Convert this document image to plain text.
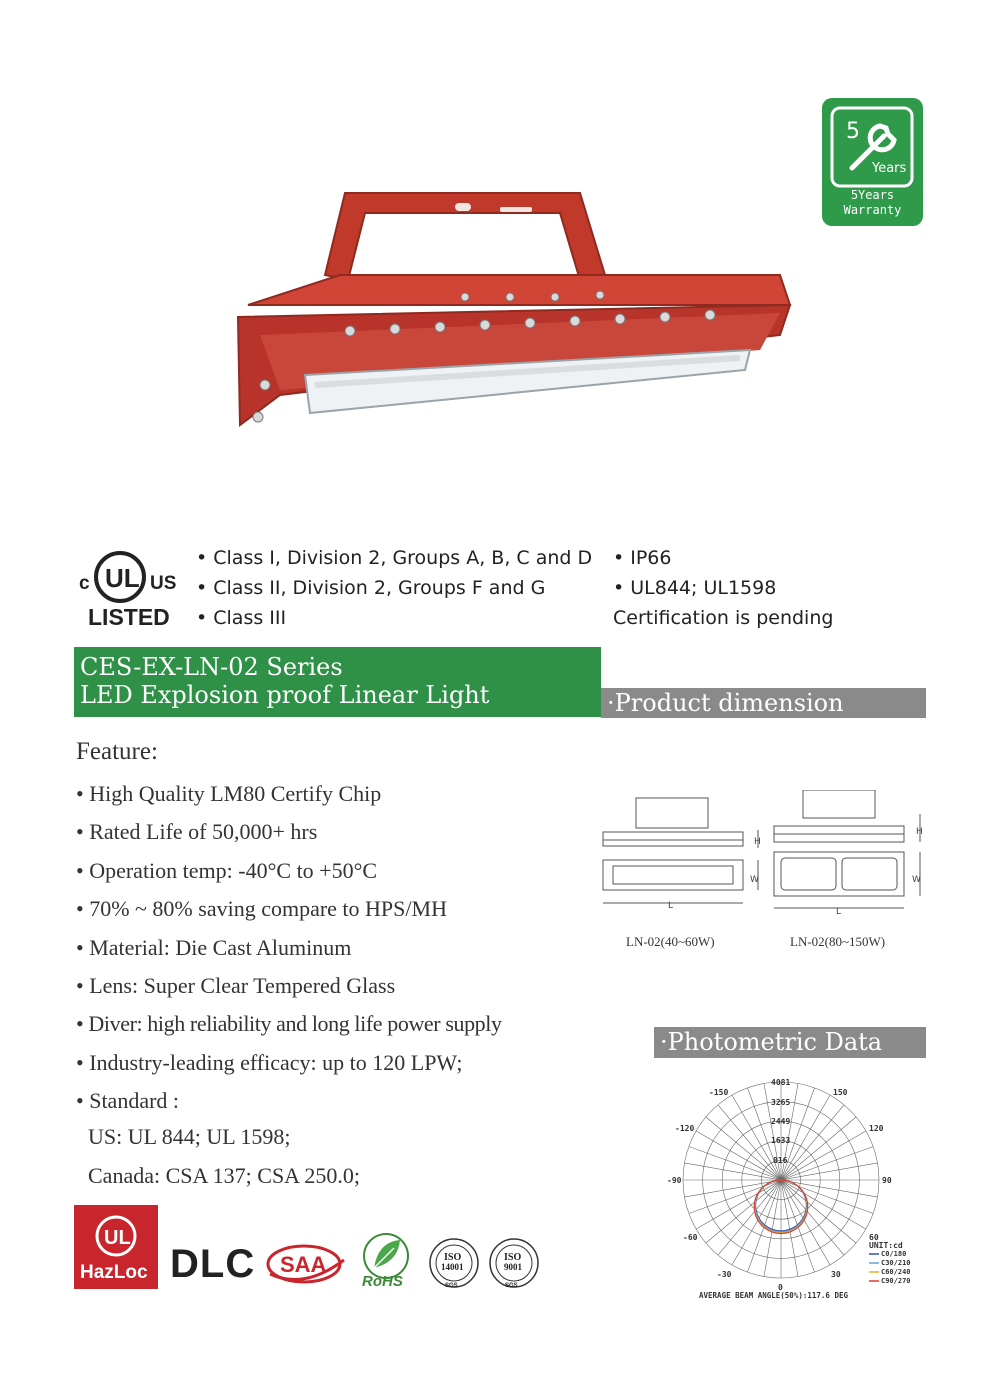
5
Years
5Years
Warranty
UL
c	US
LISTED
• Class I, Division 2, Groups A, B, C and D
• Class II, Division 2, Groups F and G
• Class III
• IP66
• UL844; UL1598
Certification is pending
CES-EX-LN-02 Series
LED Explosion proof Linear Light	·Product dimension
Feature:
• High Quality LM80 Certify Chip
• Rated Life of 50,000+ hrs
• Operation temp: -40°C to +50°C
• 70% ~ 80% saving compare to HPS/MH
• Material: Die Cast Aluminum
• Lens: Super Clear Tempered Glass
• Diver: high reliability and long life power supply
• Industry-leading efficacy: up to 120 LPW;
• Standard :
US: UL 844; UL 1598;
Canada: CSA 137; CSA 250.0;
H
W
L
H
W
L
LN-02(40~60W)	LN-02(80~150W)
·Photometric Data
-150	150
-120	120
-90	90
-60	60
-30	30
0
4081
3265
2449
1633
816
UNIT:cd
C0/180
C30/210
C60/240
C90/270
AVERAGE BEAM ANGLE(50%):117.6 DEG
UL
HazLoc DLC SAA
RoHS
ISO
14001
SGS
ISO
9001
SGS
